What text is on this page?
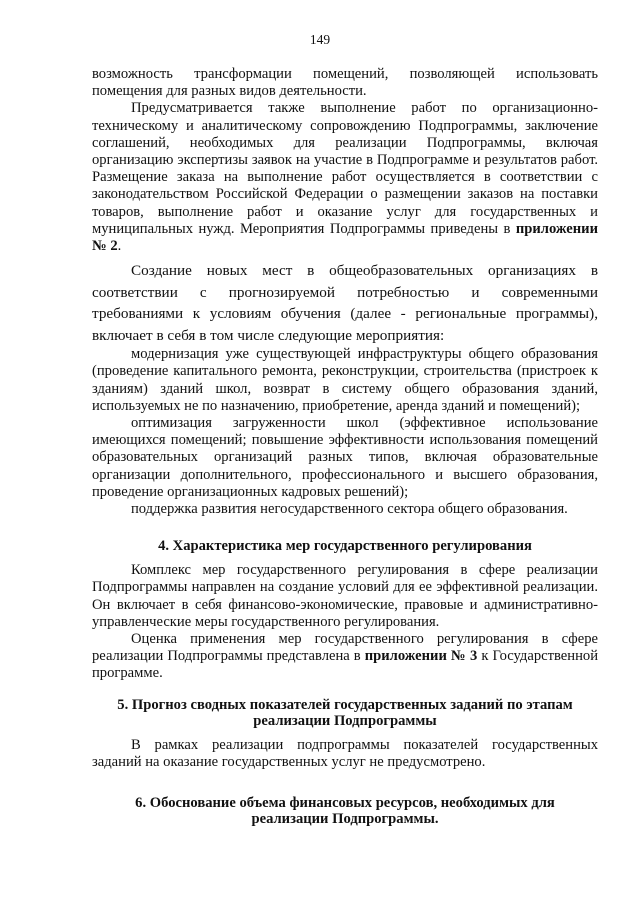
149

возможность трансформации помещений, позволяющей использовать помещения для разных видов деятельности.

Предусматривается также выполнение работ по организационно-техническому и аналитическому сопровождению Подпрограммы, заключение соглашений, необходимых для реализации Подпрограммы, включая организацию экспертизы заявок на участие в Подпрограмме и результатов работ. Размещение заказа на выполнение работ осуществляется в соответствии с законодательством Российской Федерации о размещении заказов на поставки товаров, выполнение работ и оказание услуг для государственных и муниципальных нужд. Мероприятия Подпрограммы приведены в приложении № 2.

Создание новых мест в общеобразовательных организациях в соответствии с прогнозируемой потребностью и современными требованиями к условиям обучения (далее - региональные программы), включает в себя в том числе следующие мероприятия:

модернизация уже существующей инфраструктуры общего образования (проведение капитального ремонта, реконструкции, строительства (пристроек к зданиям) зданий школ, возврат в систему общего образования зданий, используемых не по назначению, приобретение, аренда зданий и помещений);

оптимизация загруженности школ (эффективное использование имеющихся помещений; повышение эффективности использования помещений образовательных организаций разных типов, включая образовательные организации дополнительного, профессионального и высшего образования, проведение организационных кадровых решений);

поддержка развития негосударственного сектора общего образования.

4. Характеристика мер государственного регулирования

Комплекс мер государственного регулирования в сфере реализации Подпрограммы направлен на создание условий для ее эффективной реализации. Он включает в себя финансово-экономические, правовые и административно-управленческие меры государственного регулирования.

Оценка применения мер государственного регулирования в сфере реализации Подпрограммы представлена в приложении № 3 к Государственной программе.

5. Прогноз сводных показателей государственных заданий по этапам
реализации Подпрограммы

В рамках реализации подпрограммы показателей государственных заданий на оказание государственных услуг не предусмотрено.

6. Обоснование объема финансовых ресурсов, необходимых для
реализации Подпрограммы.
